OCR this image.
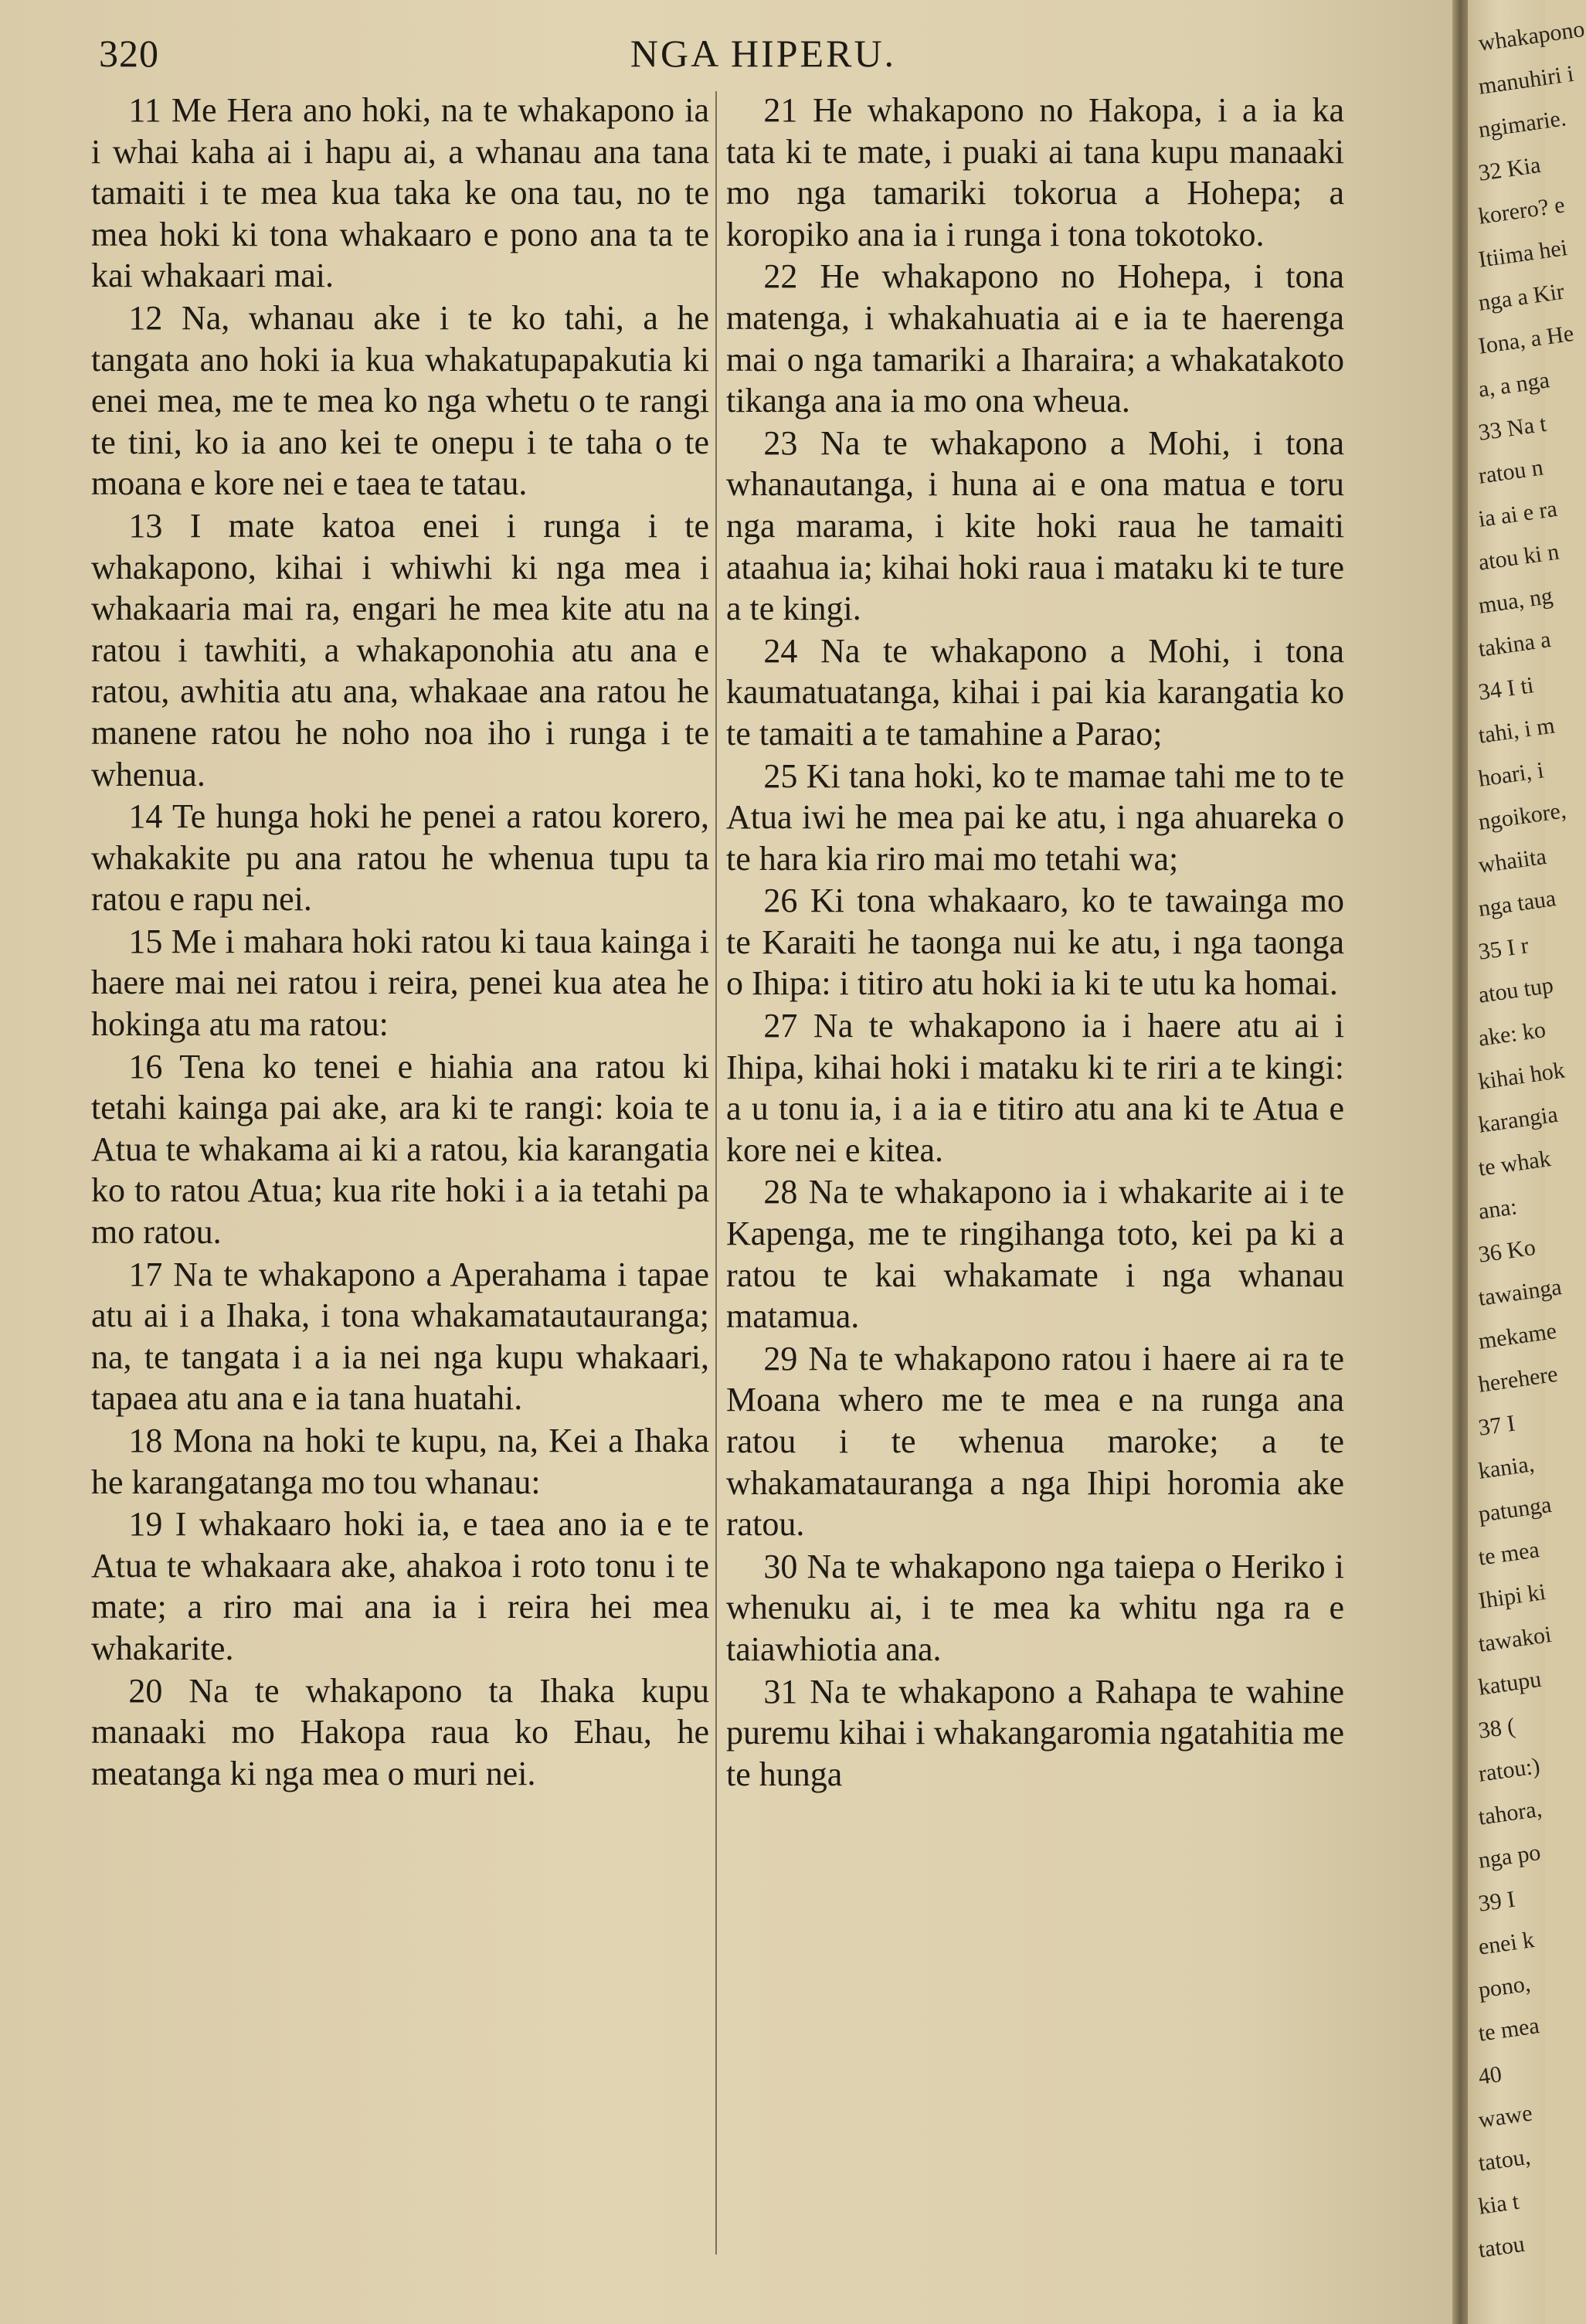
320	NGA HIPERU.

11 Me Hera ano hoki, na te whakapono ia i whai kaha ai i hapu ai, a whanau ana tana tamaiti i te mea kua taka ke ona tau, no te mea hoki ki tona whakaaro e pono ana ta te kai whakaari mai.

12 Na, whanau ake i te ko tahi, a he tangata ano hoki ia kua whakatupapakutia ki enei mea, me te mea ko nga whetu o te rangi te tini, ko ia ano kei te onepu i te taha o te moana e kore nei e taea te tatau.

13 I mate katoa enei i runga i te whakapono, kihai i whiwhi ki nga mea i whakaaria mai ra, engari he mea kite atu na ratou i tawhiti, a whakaponohia atu ana e ratou, awhitia atu ana, whakaae ana ratou he manene ratou he noho noa iho i runga i te whenua.

14 Te hunga hoki he penei a ratou korero, whakakite pu ana ratou he whenua tupu ta ratou e rapu nei.

15 Me i mahara hoki ratou ki taua kainga i haere mai nei ratou i reira, penei kua atea he hokinga atu ma ratou:

16 Tena ko tenei e hiahia ana ratou ki tetahi kainga pai ake, ara ki te rangi: koia te Atua te whakama ai ki a ratou, kia karangatia ko to ratou Atua; kua rite hoki i a ia tetahi pa mo ratou.

17 Na te whakapono a Aperahama i tapae atu ai i a Ihaka, i tona whakamatautauranga; na, te tangata i a ia nei nga kupu whakaari, tapaea atu ana e ia tana huatahi.

18 Mona na hoki te kupu, na, Kei a Ihaka he karangatanga mo tou whanau:

19 I whakaaro hoki ia, e taea ano ia e te Atua te whakaara ake, ahakoa i roto tonu i te mate; a riro mai ana ia i reira hei mea whakarite.

20 Na te whakapono ta Ihaka kupu manaaki mo Hakopa raua ko Ehau, he meatanga ki nga mea o muri nei.

21 He whakapono no Hakopa, i a ia ka tata ki te mate, i puaki ai tana kupu manaaki mo nga tamariki tokorua a Hohepa; a koropiko ana ia i runga i tona tokotoko.

22 He whakapono no Hohepa, i tona matenga, i whakahuatia ai e ia te haerenga mai o nga tamariki a Iharaira; a whakatakoto tikanga ana ia mo ona wheua.

23 Na te whakapono a Mohi, i tona whanautanga, i huna ai e ona matua e toru nga marama, i kite hoki raua he tamaiti ataahua ia; kihai hoki raua i mataku ki te ture a te kingi.

24 Na te whakapono a Mohi, i tona kaumatuatanga, kihai i pai kia karangatia ko te tamaiti a te tamahine a Parao;

25 Ki tana hoki, ko te mamae tahi me to te Atua iwi he mea pai ke atu, i nga ahuareka o te hara kia riro mai mo tetahi wa;

26 Ki tona whakaaro, ko te tawainga mo te Karaiti he taonga nui ke atu, i nga taonga o Ihipa: i titiro atu hoki ia ki te utu ka homai.

27 Na te whakapono ia i haere atu ai i Ihipa, kihai hoki i mataku ki te riri a te kingi: a u tonu ia, i a ia e titiro atu ana ki te Atua e kore nei e kitea.

28 Na te whakapono ia i whakarite ai i te Kapenga, me te ringihanga toto, kei pa ki a ratou te kai whakamate i nga whanau matamua.

29 Na te whakapono ratou i haere ai ra te Moana whero me te mea e na runga ana ratou i te whenua maroke; a te whakamatauranga a nga Ihipi horomia ake ratou.

30 Na te whakapono nga taiepa o Heriko i whenuku ai, i te mea ka whitu nga ra e taiawhiotia ana.

31 Na te whakapono a Rahapa te wahine puremu kihai i whakangaromia ngatahitia me te hunga

whakapono
manuhiri i
ngimarie.
32 Kia
korero? e
Itiima hei
nga a Kir
Iona, a He
a, a nga
33 Na t
ratou n
ia ai e ra
atou ki n
mua, ng
takina a
34 I ti
tahi, i m
hoari, i
ngoikore,
whaiita
nga taua
35 I r
atou tup
ake: ko
kihai hok
karangia
te whak
ana:
36 Ko
tawainga
mekame
herehere
37 I
kania,
patunga
te mea
Ihipi ki
tawakoi
katupu
38 (
ratou:)
tahora,
nga po
39 I
enei k
pono,
te mea
40
wawe
tatou,
kia t
tatou
